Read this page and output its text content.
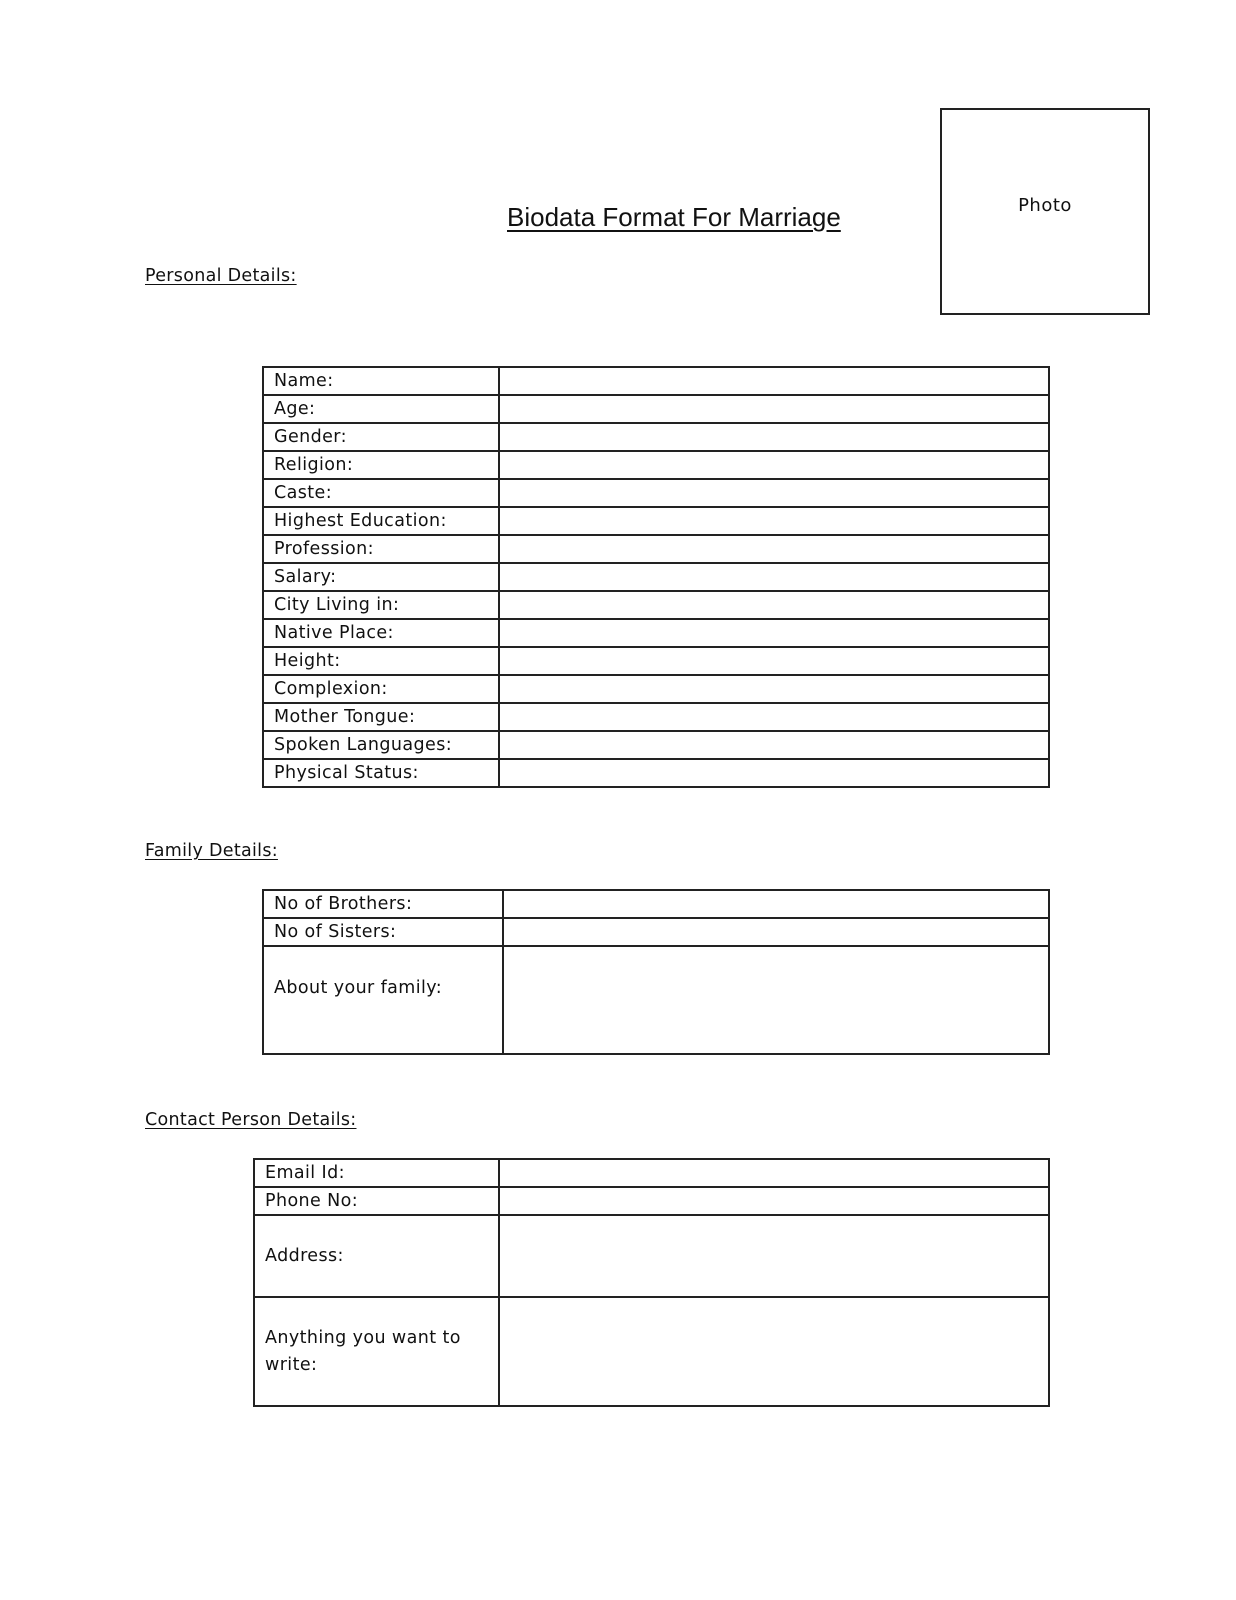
Photo
Biodata Format For Marriage
Personal Details:
Name:	
Age:	
Gender:	
Religion:	
Caste:	
Highest Education:	
Profession:	
Salary:	
City Living in:	
Native Place:	
Height:	
Complexion:	
Mother Tongue:	
Spoken Languages:	
Physical Status:	
Family Details:
No of Brothers:	
No of Sisters:	
About your family:	
Contact Person Details:
Email Id:	
Phone No:	
Address:	
Anything you want to write:	
